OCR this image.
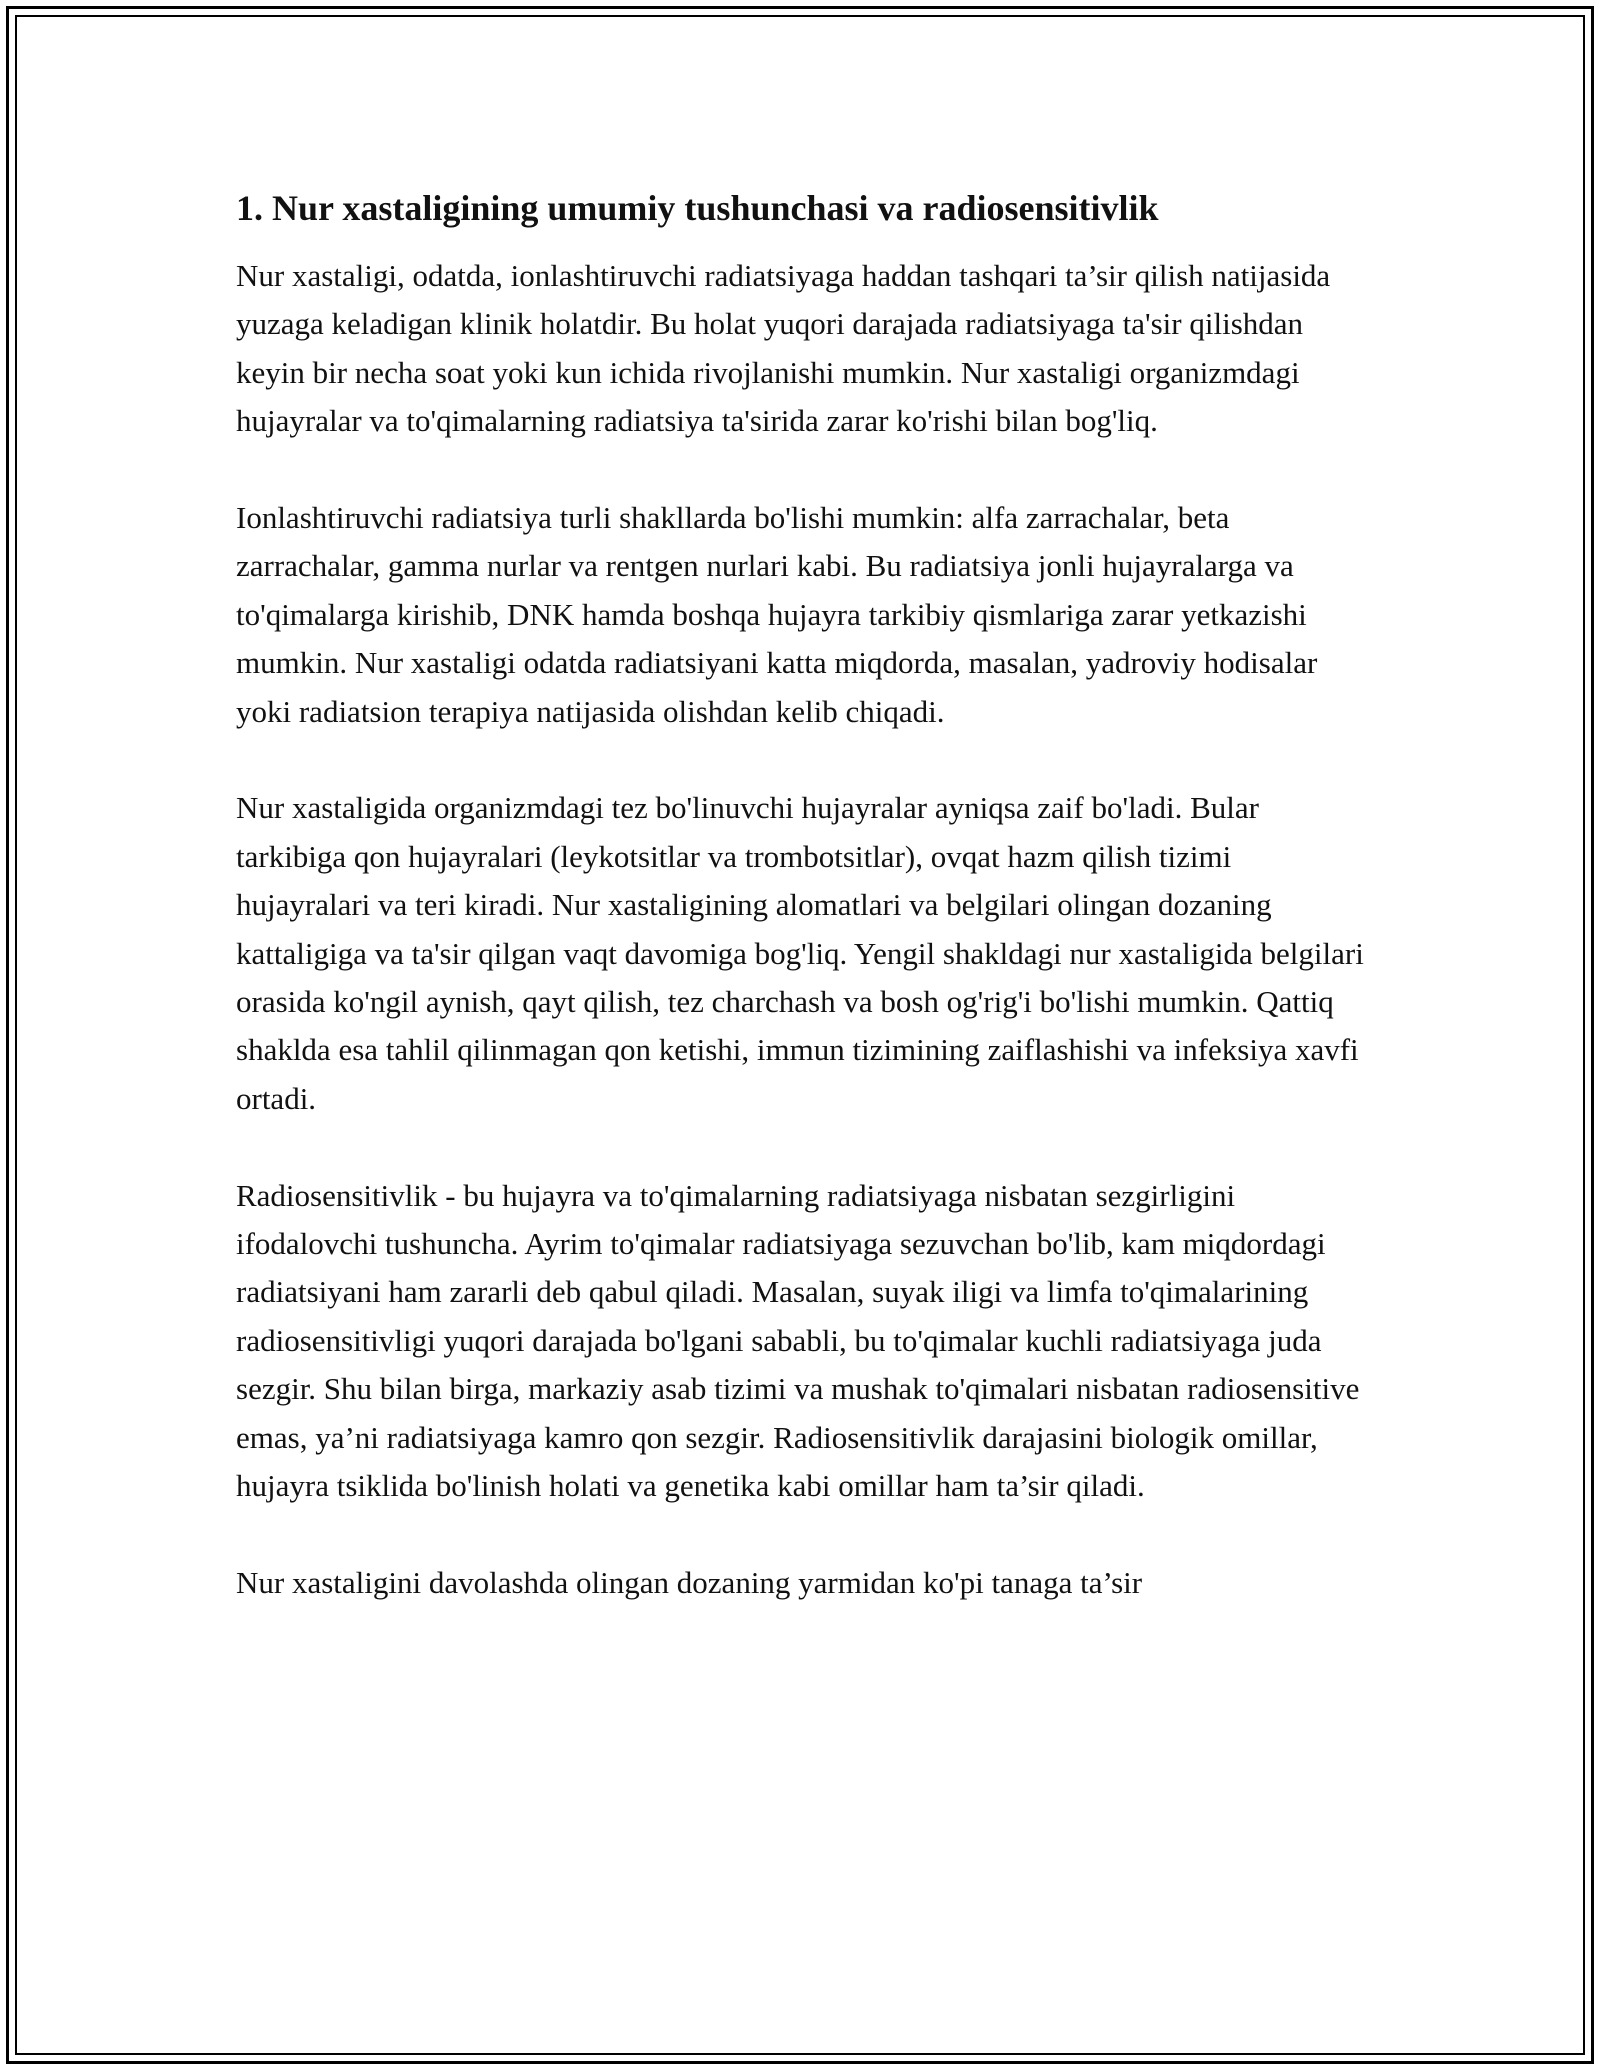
1. Nur xastaligining umumiy tushunchasi va radiosensitivlik

Nur xastaligi, odatda, ionlashtiruvchi radiatsiyaga haddan tashqari ta’sir qilish natijasida yuzaga keladigan klinik holatdir. Bu holat yuqori darajada radiatsiyaga ta'sir qilishdan keyin bir necha soat yoki kun ichida rivojlanishi mumkin. Nur xastaligi organizmdagi hujayralar va to'qimalarning radiatsiya ta'sirida zarar ko'rishi bilan bog'liq.

Ionlashtiruvchi radiatsiya turli shakllarda bo'lishi mumkin: alfa zarrachalar, beta zarrachalar, gamma nurlar va rentgen nurlari kabi. Bu radiatsiya jonli hujayralarga va to'qimalarga kirishib, DNK hamda boshqa hujayra tarkibiy qismlariga zarar yetkazishi mumkin. Nur xastaligi odatda radiatsiyani katta miqdorda, masalan, yadroviy hodisalar yoki radiatsion terapiya natijasida olishdan kelib chiqadi.

Nur xastaligida organizmdagi tez bo'linuvchi hujayralar ayniqsa zaif bo'ladi. Bular tarkibiga qon hujayralari (leykotsitlar va trombotsitlar), ovqat hazm qilish tizimi hujayralari va teri kiradi. Nur xastaligining alomatlari va belgilari olingan dozaning kattaligiga va ta'sir qilgan vaqt davomiga bog'liq. Yengil shakldagi nur xastaligida belgilari orasida ko'ngil aynish, qayt qilish, tez charchash va bosh og'rig'i bo'lishi mumkin. Qattiq shaklda esa tahlil qilinmagan qon ketishi, immun tizimining zaiflashishi va infeksiya xavfi ortadi.

Radiosensitivlik - bu hujayra va to'qimalarning radiatsiyaga nisbatan sezgirligini ifodalovchi tushuncha. Ayrim to'qimalar radiatsiyaga sezuvchan bo'lib, kam miqdordagi radiatsiyani ham zararli deb qabul qiladi. Masalan, suyak iligi va limfa to'qimalarining radiosensitivligi yuqori darajada bo'lgani sababli, bu to'qimalar kuchli radiatsiyaga juda sezgir. Shu bilan birga, markaziy asab tizimi va mushak to'qimalari nisbatan radiosensitive emas, ya’ni radiatsiyaga kamro qon sezgir. Radiosensitivlik darajasini biologik omillar, hujayra tsiklida bo'linish holati va genetika kabi omillar ham ta’sir qiladi.

Nur xastaligini davolashda olingan dozaning yarmidan ko'pi tanaga ta’sir
